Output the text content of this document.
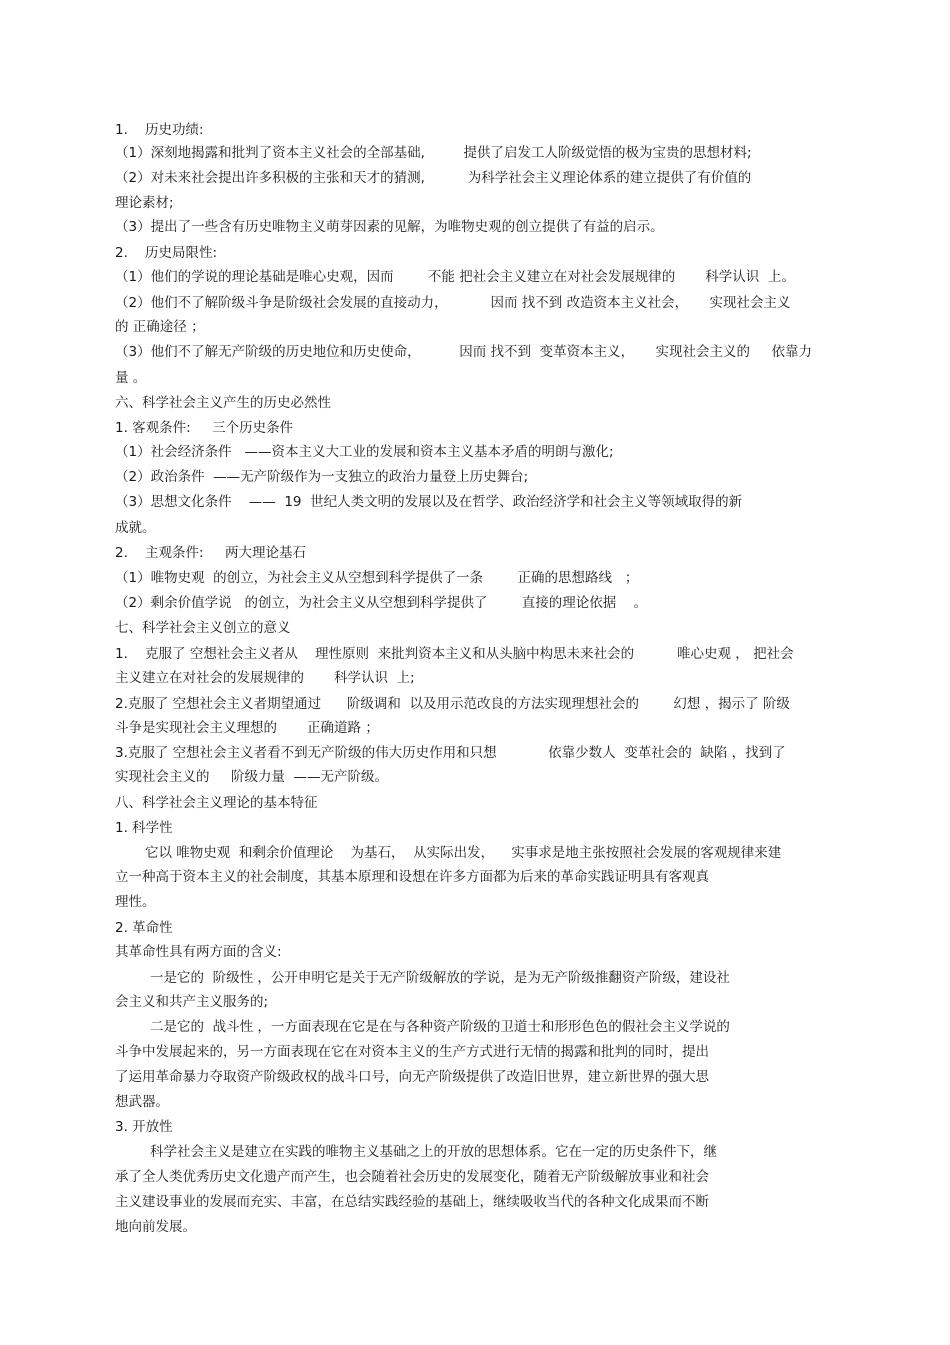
1.    历史功绩:
（1）深刻地揭露和批判了资本主义社会的全部基础,         提供了启发工人阶级觉悟的极为宝贵的思想材料;
（2）对未来社会提出许多积极的主张和天才的猜测,          为科学社会主义理论体系的建立提供了有价值的
理论素材;
（3）提出了一些含有历史唯物主义萌芽因素的见解，为唯物史观的创立提供了有益的启示。
2.    历史局限性:
（1）他们的学说的理论基础是唯心史观，因而        不能 把社会主义建立在对社会发展规律的       科学认识  上。
（2）他们不了解阶级斗争是阶级社会发展的直接动力，          因而 找不到 改造资本主义社会，     实现社会主义
的 正确途径 ；
（3）他们不了解无产阶级的历史地位和历史使命，         因而 找不到  变革资本主义，     实现社会主义的     依靠力
量 。
六、科学社会主义产生的历史必然性
1. 客观条件:     三个历史条件
（1）社会经济条件   ——资本主义大工业的发展和资本主义基本矛盾的明朗与激化;
（2）政治条件  ——无产阶级作为一支独立的政治力量登上历史舞台;
（3）思想文化条件    ——  19  世纪人类文明的发展以及在哲学、政治经济学和社会主义等领域取得的新
成就。
2.    主观条件:     两大理论基石
（1）唯物史观  的创立，为社会主义从空想到科学提供了一条        正确的思想路线   ；
（2）剩余价值学说   的创立，为社会主义从空想到科学提供了        直接的理论依据    。
七、科学社会主义创立的意义
1.    克服了 空想社会主义者从    理性原则  来批判资本主义和从头脑中构思未来社会的          唯心史观 ， 把社会
主义建立在对社会的发展规律的       科学认识  上;
2.克服了 空想社会主义者期望通过      阶级调和  以及用示范改良的方法实现理想社会的        幻想 ，揭示了 阶级
斗争是实现社会主义理想的       正确道路 ；
3.克服了 空想社会主义者看不到无产阶级的伟大历史作用和只想            依靠少数人  变革社会的  缺陷 ，找到了
实现社会主义的     阶级力量  ——无产阶级。
八、科学社会主义理论的基本特征
1. 科学性
它以 唯物史观  和剩余价值理论    为基石，  从实际出发，    实事求是地主张按照社会发展的客观规律来建
立一种高于资本主义的社会制度，其基本原理和设想在许多方面都为后来的革命实践证明具有客观真
理性。
2. 革命性
其革命性具有两方面的含义:
一是它的  阶级性 ，公开申明它是关于无产阶级解放的学说，是为无产阶级推翻资产阶级，建设社
会主义和共产主义服务的;
二是它的  战斗性 ，一方面表现在它是在与各种资产阶级的卫道士和形形色色的假社会主义学说的
斗争中发展起来的，另一方面表现在它在对资本主义的生产方式进行无情的揭露和批判的同时，提出
了运用革命暴力夺取资产阶级政权的战斗口号，向无产阶级提供了改造旧世界，建立新世界的强大思
想武器。
3. 开放性
科学社会主义是建立在实践的唯物主义基础之上的开放的思想体系。它在一定的历史条件下，继
承了全人类优秀历史文化遗产而产生，也会随着社会历史的发展变化，随着无产阶级解放事业和社会
主义建设事业的发展而充实、丰富，在总结实践经验的基础上，继续吸收当代的各种文化成果而不断
地向前发展。
